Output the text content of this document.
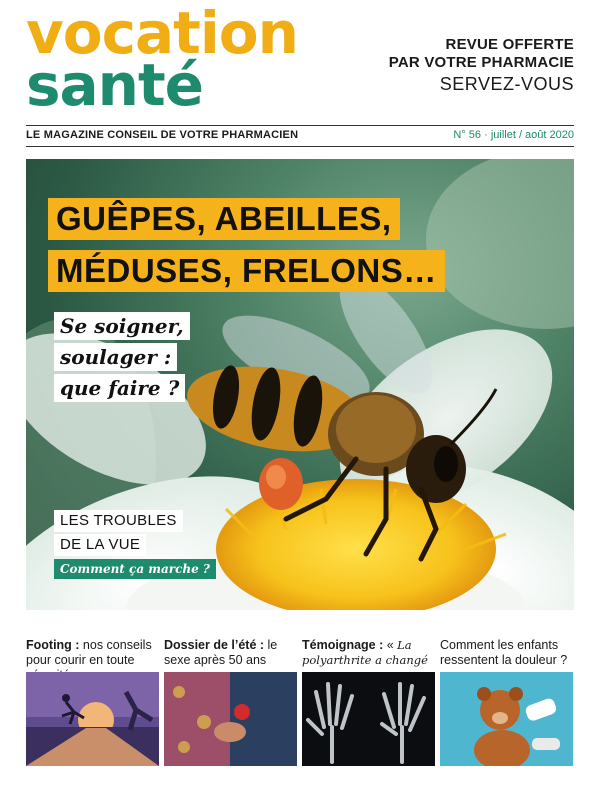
vocation
santé
REVUE OFFERTE
PAR VOTRE PHARMACIE
SERVEZ-VOUS
LE MAGAZINE CONSEIL DE VOTRE PHARMACIEN	N° 56 · juillet / août 2020
GUÊPES, ABEILLES,
MÉDUSES, FRELONS…
Se soigner,
soulager :
que faire ?
LES TROUBLES
DE LA VUE
Comment ça marche ?
Footing : nos conseils pour courir en toute
Dossier de l’été : le sexe après 50 ans
Témoignage : « La polyarthrite a changé
Comment les enfants ressentent la douleur ?
